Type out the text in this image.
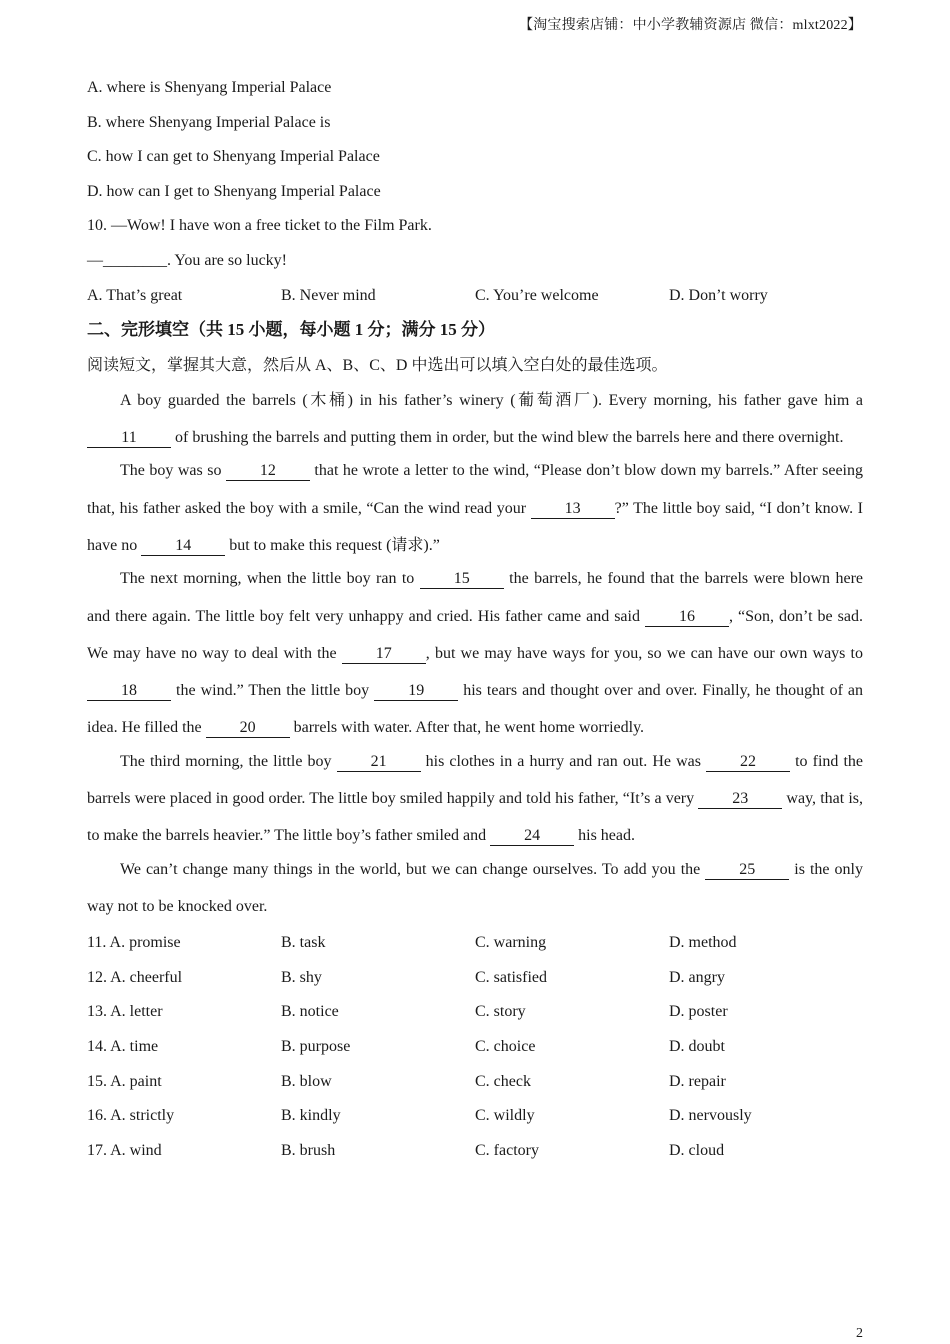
【淘宝搜索店铺：中小学教辅资源店 微信：mlxt2022】
A. where is Shenyang Imperial Palace
B. where Shenyang Imperial Palace is
C. how I can get to Shenyang Imperial Palace
D. how can I get to Shenyang Imperial Palace
10. —Wow! I have won a free ticket to the Film Park.
—________. You are so lucky!
A. That’s great	B. Never mind	C. You’re welcome	D. Don’t worry
二、完形填空（共 15 小题，每小题 1 分；满分 15 分）
阅读短文，掌握其大意，然后从 A、B、C、D 中选出可以填入空白处的最佳选项。
A boy guarded the barrels (木桶) in his father’s winery (葡萄酒厂). Every morning, his father gave him a 11 of brushing the barrels and putting them in order, but the wind blew the barrels here and there overnight.
The boy was so 12 that he wrote a letter to the wind, “Please don’t blow down my barrels.” After seeing that, his father asked the boy with a smile, “Can the wind read your 13 ?” The little boy said, “I don’t know. I have no 14 but to make this request (请求).”
The next morning, when the little boy ran to 15 the barrels, he found that the barrels were blown here and there again. The little boy felt very unhappy and cried. His father came and said 16 , “Son, don’t be sad. We may have no way to deal with the 17 , but we may have ways for you, so we can have our own ways to 18 the wind.” Then the little boy 19 his tears and thought over and over. Finally, he thought of an idea. He filled the 20 barrels with water. After that, he went home worriedly.
The third morning, the little boy 21 his clothes in a hurry and ran out. He was 22 to find the barrels were placed in good order. The little boy smiled happily and told his father, “It’s a very 23 way, that is, to make the barrels heavier.” The little boy’s father smiled and 24 his head.
We can’t change many things in the world, but we can change ourselves. To add you the 25 is the only way not to be knocked over.
11. A. promise	B. task	C. warning	D. method
12. A. cheerful	B. shy	C. satisfied	D. angry
13. A. letter	B. notice	C. story	D. poster
14. A. time	B. purpose	C. choice	D. doubt
15. A. paint	B. blow	C. check	D. repair
16. A. strictly	B. kindly	C. wildly	D. nervously
17. A. wind	B. brush	C. factory	D. cloud
2
